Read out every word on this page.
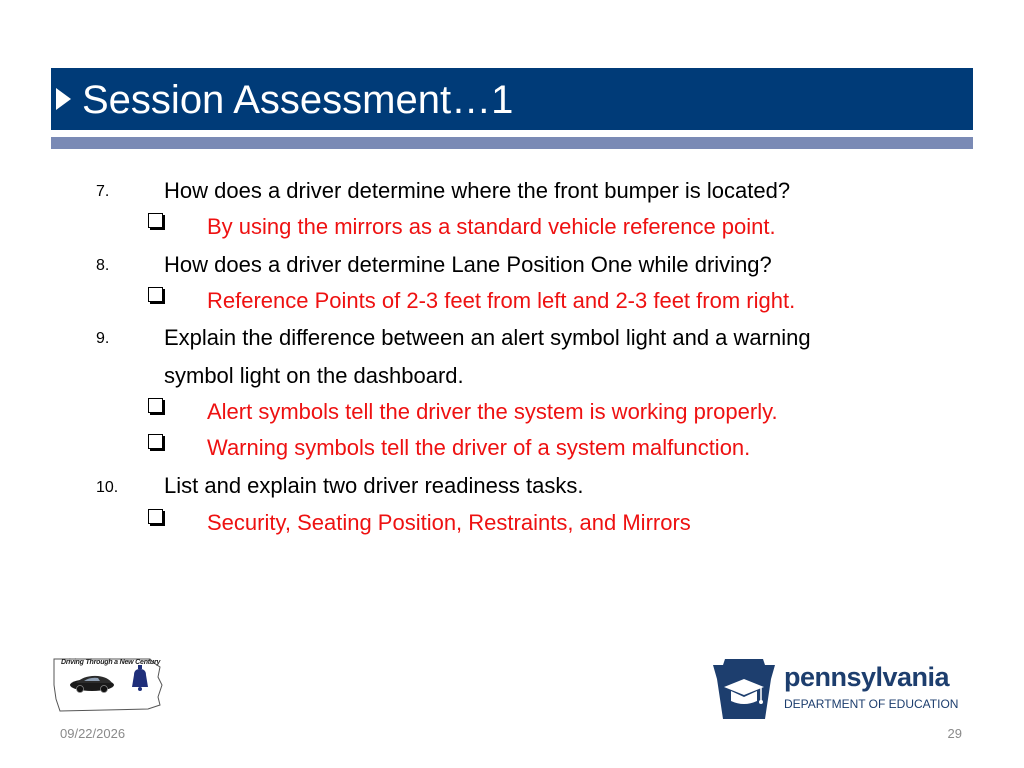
Session Assessment…1
7. How does a driver determine where the front bumper is located?
By using the mirrors as a standard vehicle reference point.
8. How does a driver determine Lane Position One while driving?
Reference Points of 2-3 feet from left and 2-3 feet from right.
9. Explain the difference between an alert symbol light and a warning
symbol light on the dashboard.
Alert symbols tell the driver the system is working properly.
Warning symbols tell the driver of a system malfunction.
10. List and explain two driver readiness tasks.
Security, Seating Position, Restraints, and Mirrors
Driving Through a New Century	pennsylvania
DEPARTMENT OF EDUCATION
09/22/2026	29
